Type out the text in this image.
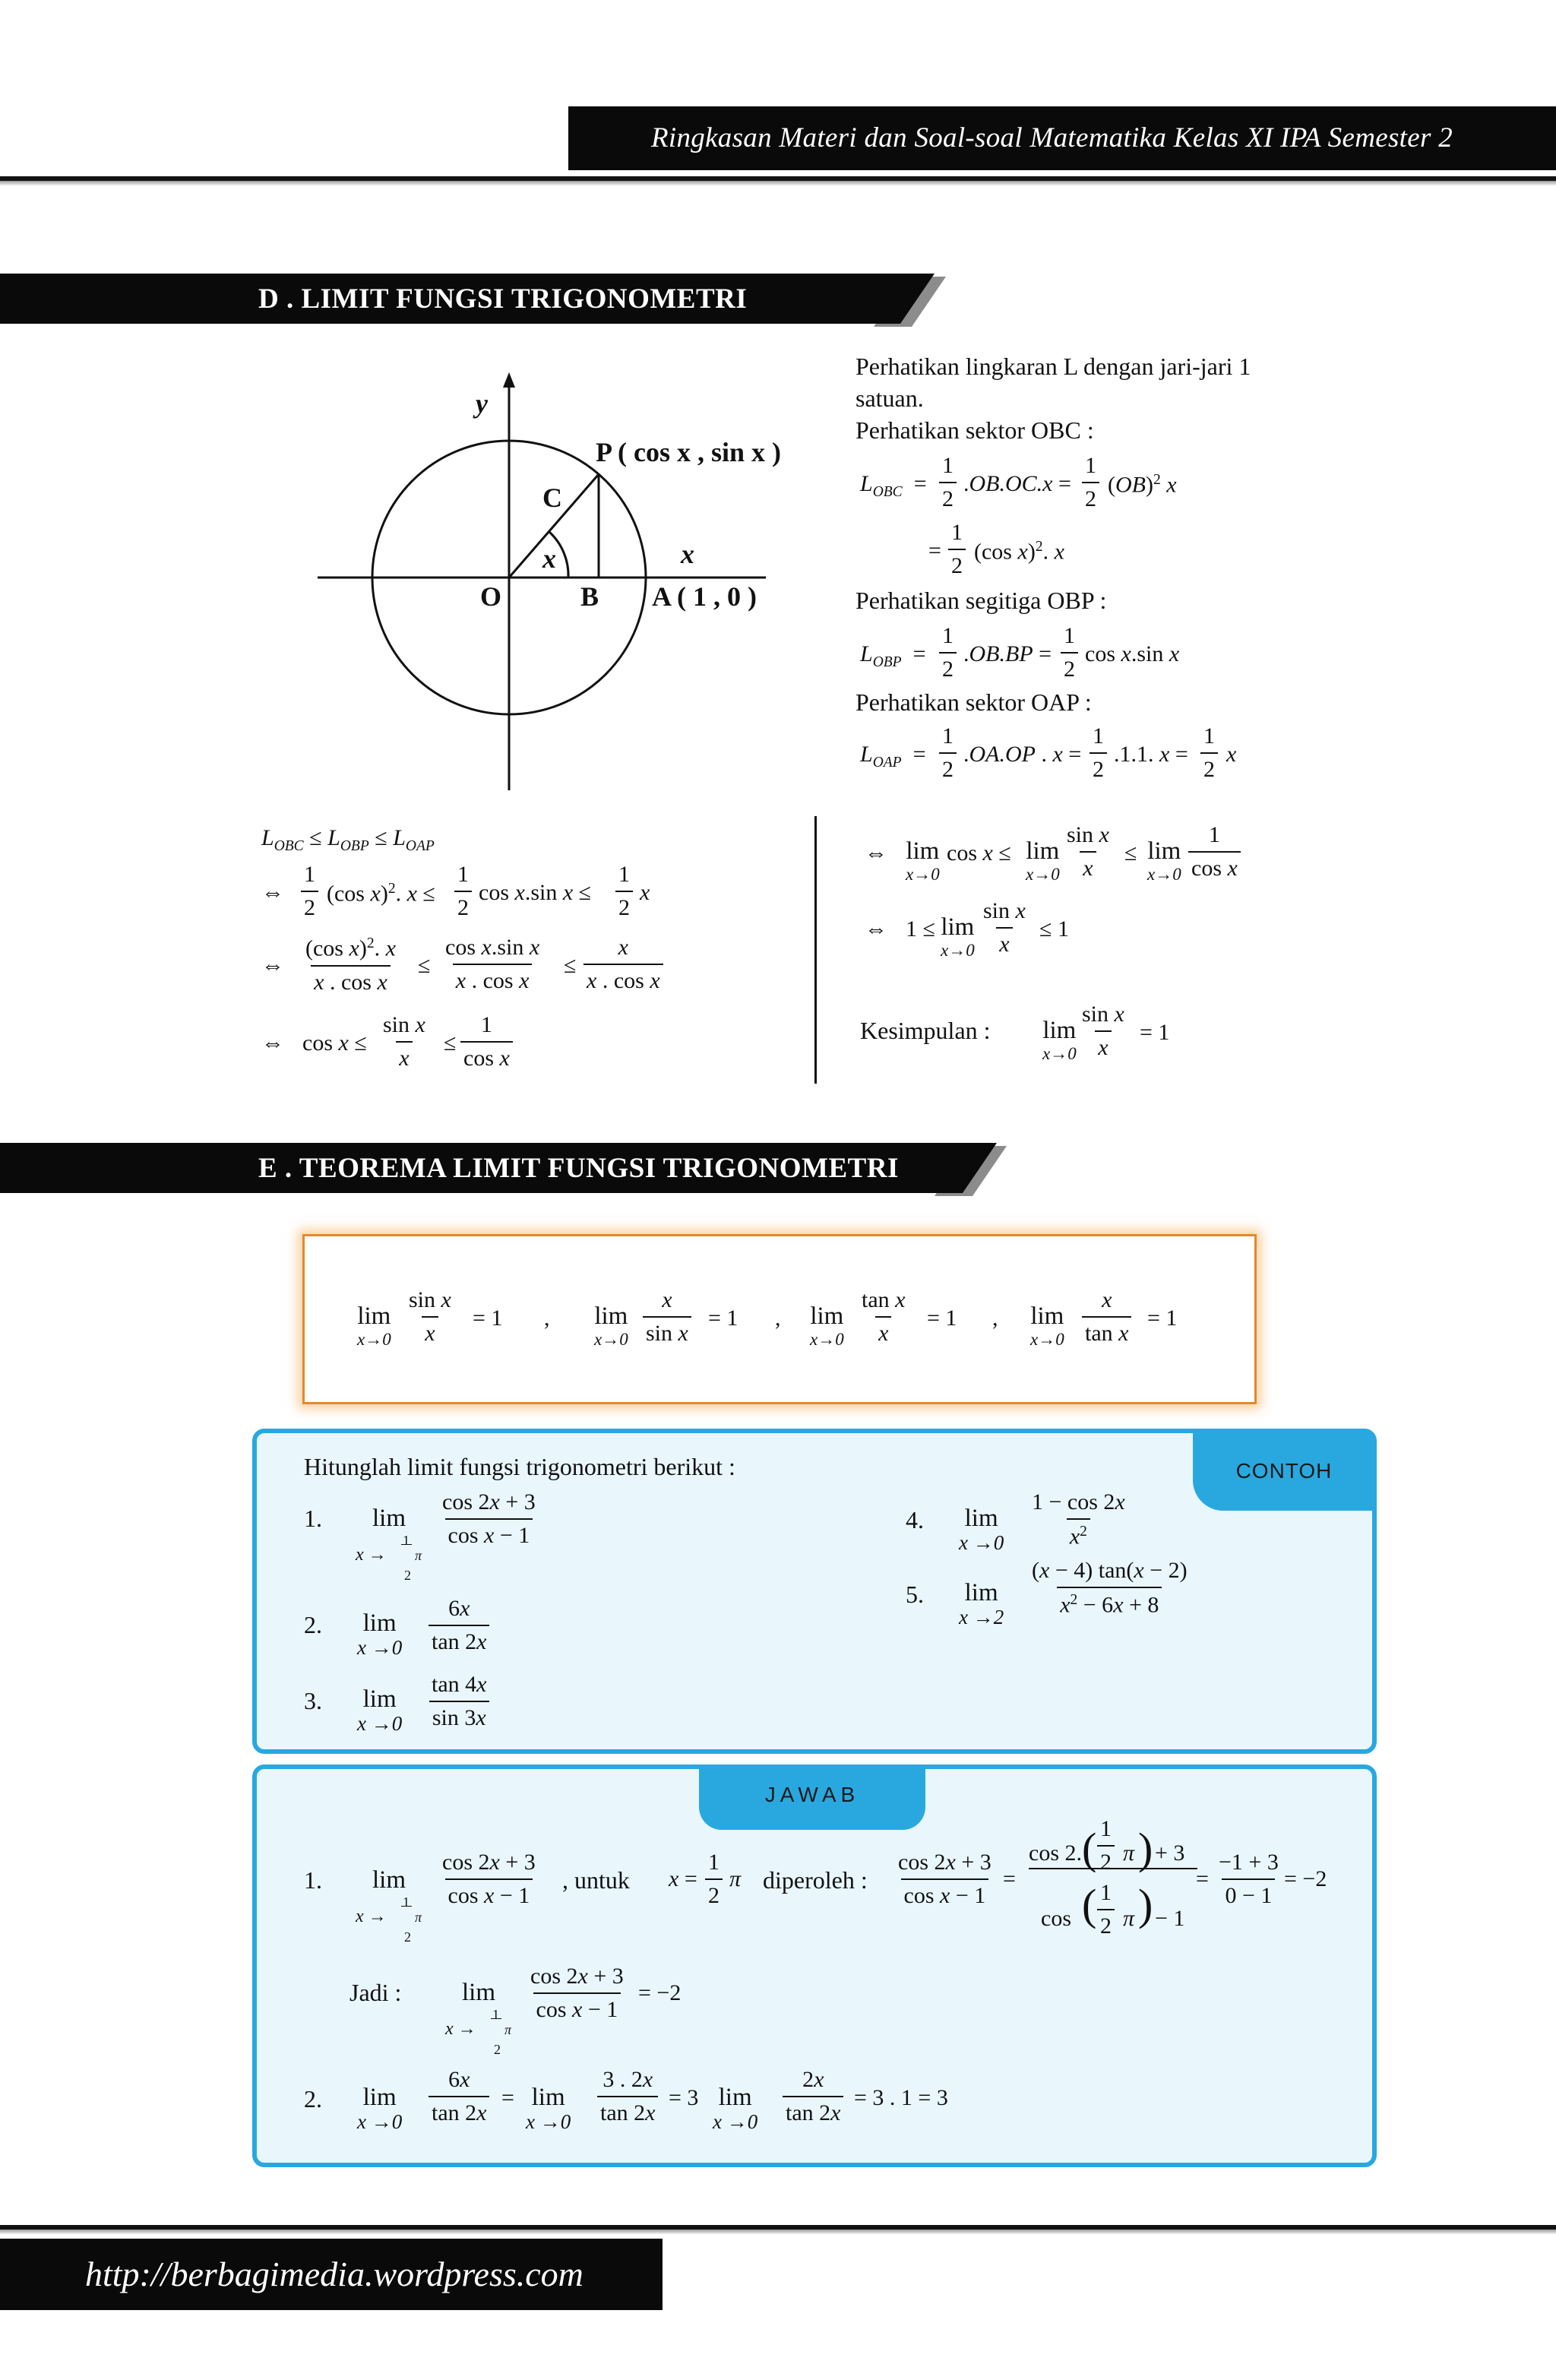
Ringkasan Materi dan Soal-soal Matematika Kelas XI IPA Semester 2
D . LIMIT FUNGSI TRIGONOMETRI
y
x
P ( cos x , sin x )
C
x
O	B A ( 1 , 0 )
Perhatikan lingkaran L dengan jari-jari 1
satuan.
Perhatikan sektor OBC :
$L_{OBC} = \frac{1}{2} .OB.OC.x = \frac{1}{2} (OB)^2$ x
= $\frac{1}{2} (\cos$ x)$^2$. x
Perhatikan segitiga OBP :
$L_{OBP} = \frac{1}{2} .OB.BP = \frac{1}{2}$ cos x.sin x
Perhatikan sektor OAP :
$L_{OAP} = \frac{1}{2} .OA.OP$ . $x = \frac{1}{2} .1.1$. $x = \frac{1}{2}$ x
$L_{OBC} \le L_{OBP} \le L_{OAP}$
⇔ $\frac{1}{2} (\cos$ x)$^2$. $x \le \frac{1}{2}$ cos x.sin $x \le \frac{1}{2}$ x
⇔ $\frac{(\cos x)^2. x}{\text{x . cos x}} \le \frac{\text{cos x.sin x}}{\text{x . cos x}} \le \frac{x}{\text{x . cos x}}$
⇔ $\cos x \le \frac{\text{sin x}}{x} \le \frac{1}{\text{cos x}}$
⇔ lim
x→0
cos x ≤ lim
$x\to 0 \frac{\text{sin x}}{x} \le \lim$
$x\to 0 \frac{1}{\text{cos x}}$
⇔ 1 ≤ lim
$x\to 0 \frac{\text{sin x}}{x} \le 1$
Kesimpulan : lim
$x\to 0 \frac{\text{sin x}}{x} = 1$
E . TEOREMA LIMIT FUNGSI TRIGONOMETRI
lim
$x\to 0 \frac{\text{sin x}}{x} = 1$ , lim
$x\to 0 \frac{x}{\text{sin x}} = 1$ , lim
$x\to 0 \frac{\text{tan x}}{x} = 1$ , lim
$x\to 0 \frac{x}{\text{tan x}} = 1$
CONTOH
Hitunglah limit fungsi trigonometri berikut :
1. lim
x →
1

2
π
$\frac{\cos 2x + 3}{\text{cos x − 1}}$
2. lim
$x \to 0 \frac{6x}{\tan 2x}$
3. lim
$x \to 0 \frac{\tan 4x}{\sin 3x}$
4. lim
$x \to 0 \frac{1 - \cos 2x}{x^2}$
5. lim
x →2
$\frac{(x - 4) \tan(x - 2)}{x^2 - 6x + 8}$
JAWAB
1. lim
x →
1

2
π
$\frac{\cos 2x + 3}{\text{cos x − 1}}$ , untuk $x = \frac{1}{2}$ π diperoleh : $\frac{\cos 2x + 3}{\text{cos x − 1}}$ =
cos 2. ( $\frac{1}{2}$ π ) + 3
cos ( $\frac{1}{2}$ π ) − 1
= $\frac{-1 + 3}{0 - 1} = -2$
Jadi : lim
x →
1

2
π
$\frac{\cos 2x + 3}{\text{cos x − 1}} = -2$
2. lim
$x \to 0 \frac{6x}{\tan 2x} = \lim$
$x \to 0 \frac{3 . 2x}{\tan 2x} = 3$ lim
$x \to 0 \frac{2x}{\tan 2x} = 3$ . 1 = 3
http://berbagimedia.wordpress.com
